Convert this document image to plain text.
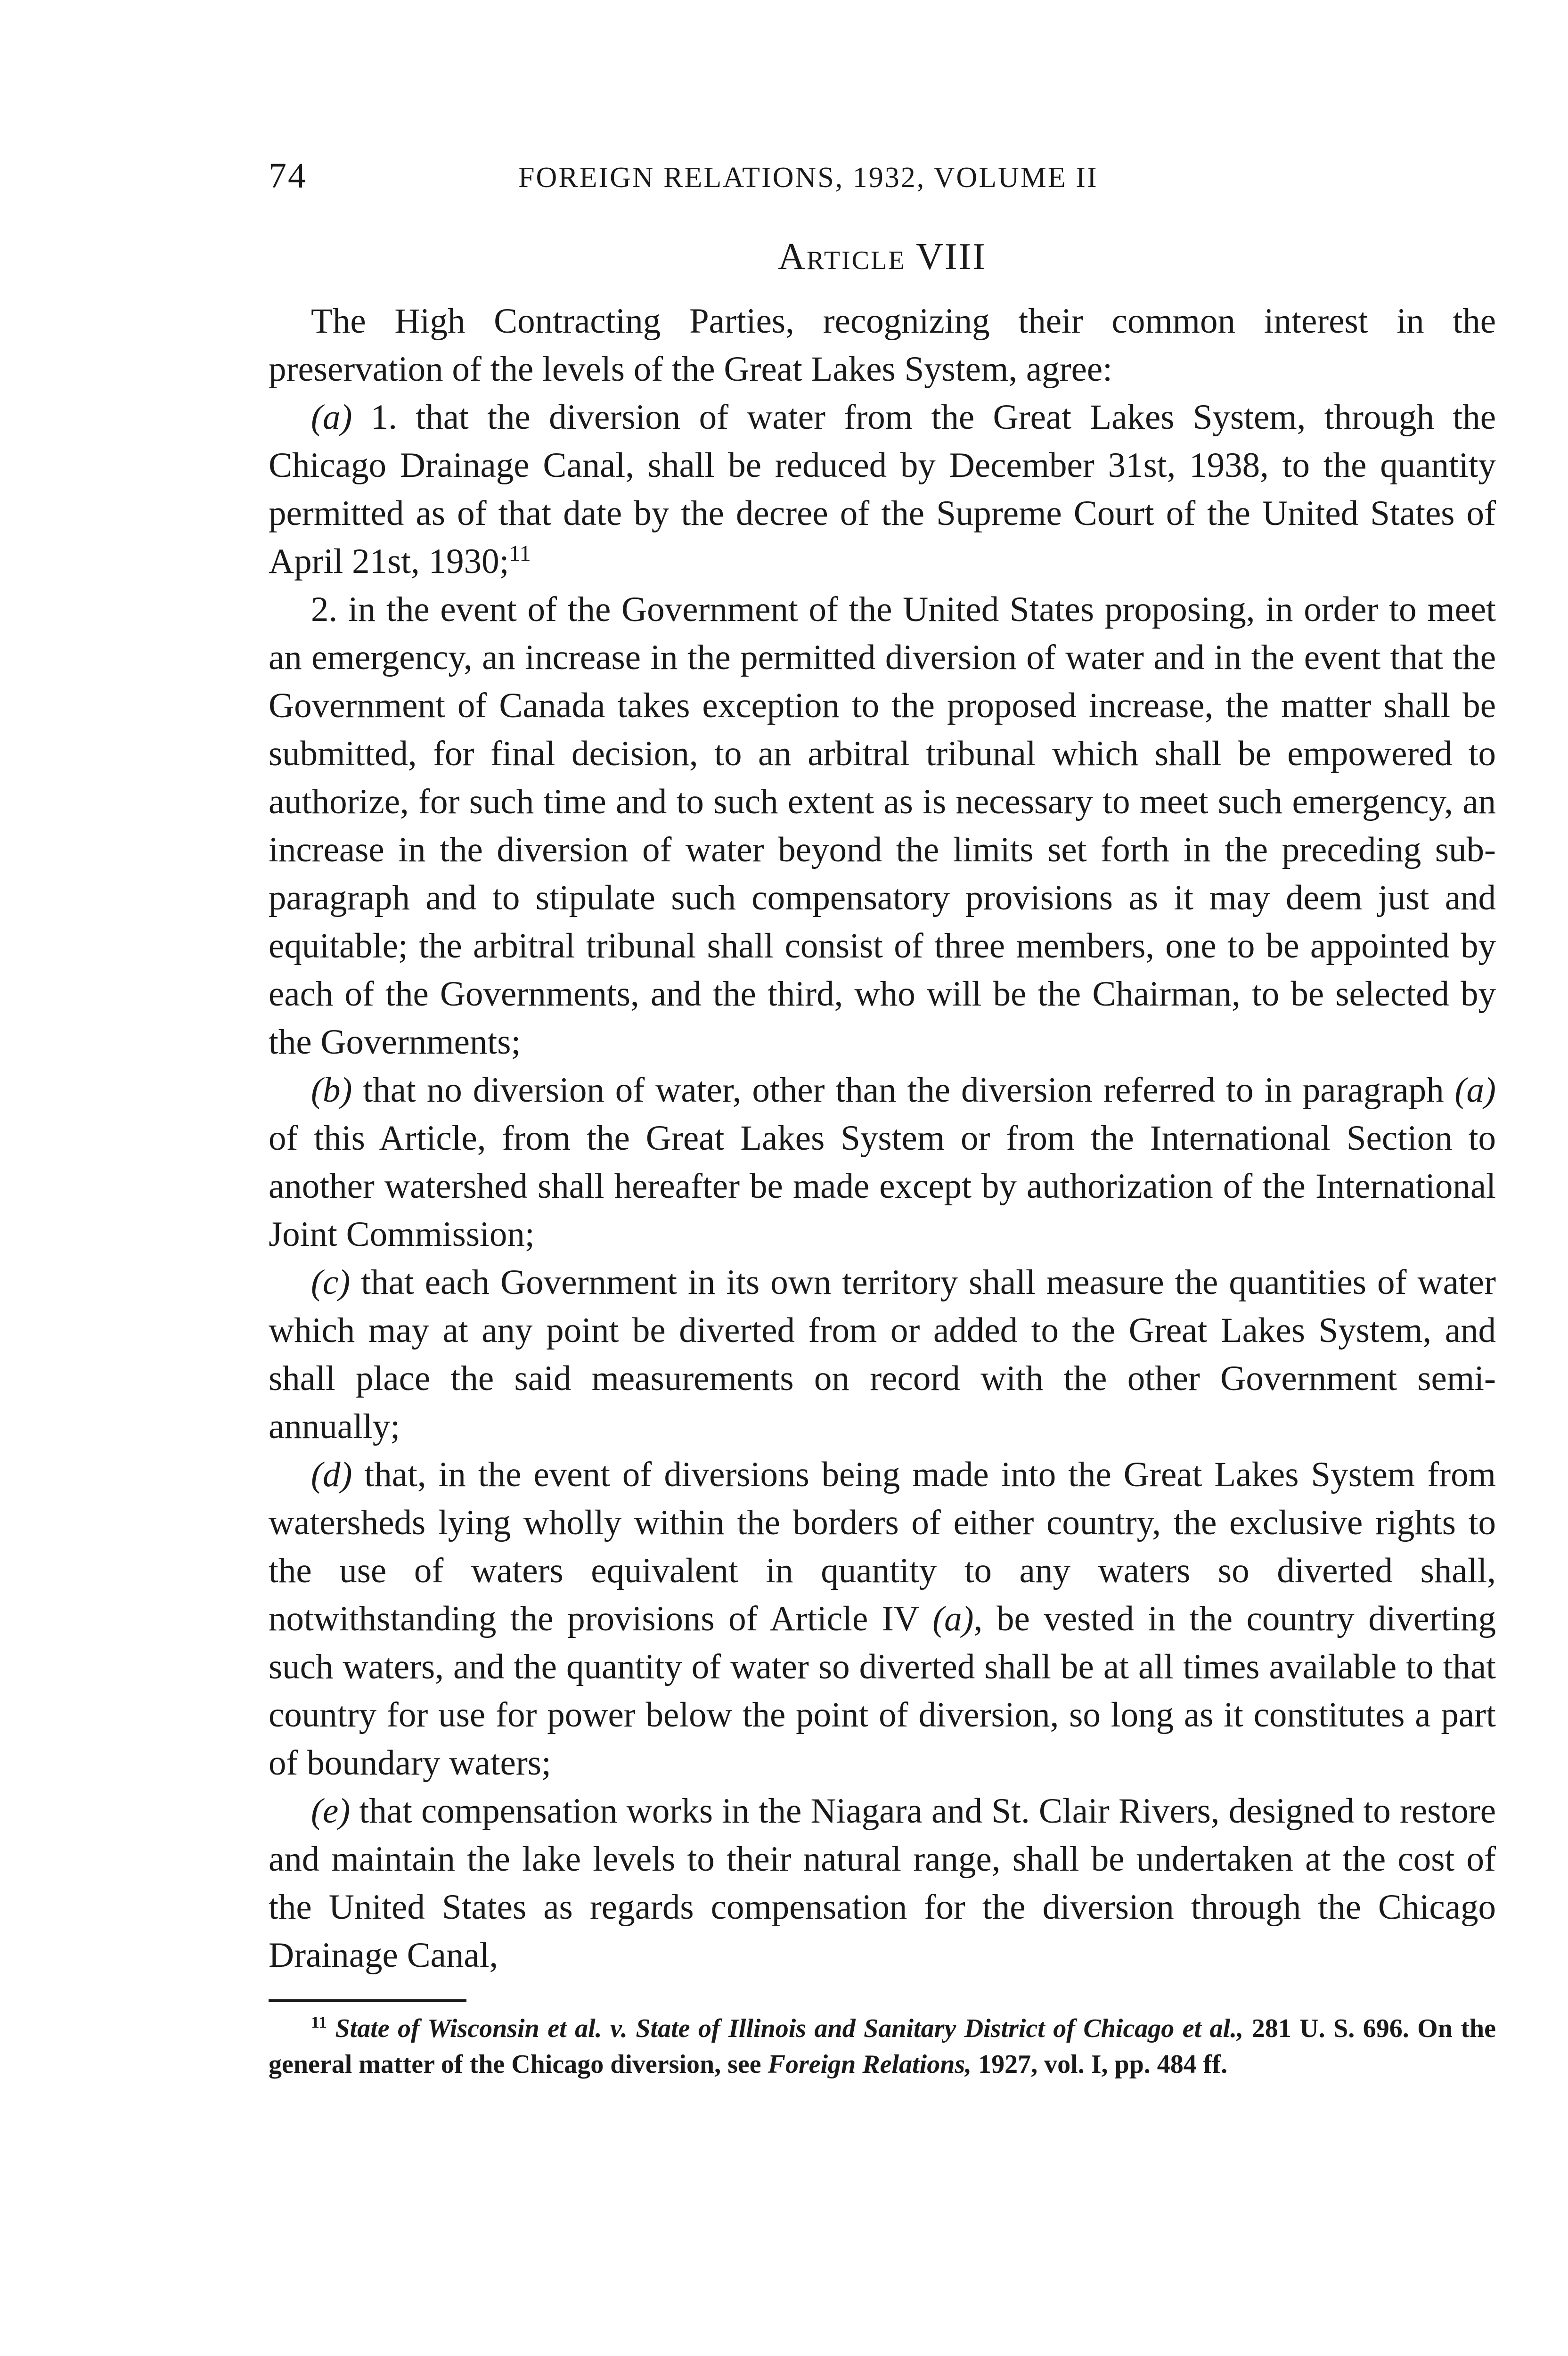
74	FOREIGN RELATIONS, 1932, VOLUME II
Article VIII

The High Contracting Parties, recognizing their common interest in the preservation of the levels of the Great Lakes System, agree:

(a) 1. that the diversion of water from the Great Lakes System, through the Chicago Drainage Canal, shall be reduced by December 31st, 1938, to the quantity permitted as of that date by the decree of the Supreme Court of the United States of April 21st, 1930;$^{11}$

2. in the event of the Government of the United States proposing, in order to meet an emergency, an increase in the permitted diversion of water and in the event that the Government of Canada takes exception to the proposed increase, the matter shall be submitted, for final decision, to an arbitral tribunal which shall be empowered to authorize, for such time and to such extent as is necessary to meet such emergency, an increase in the diversion of water beyond the limits set forth in the preceding sub-paragraph and to stipulate such compensatory provisions as it may deem just and equitable; the arbitral tribunal shall consist of three members, one to be appointed by each of the Governments, and the third, who will be the Chairman, to be selected by the Governments;

(b) that no diversion of water, other than the diversion referred to in paragraph (a) of this Article, from the Great Lakes System or from the International Section to another watershed shall hereafter be made except by authorization of the International Joint Commission;

(c) that each Government in its own territory shall measure the quantities of water which may at any point be diverted from or added to the Great Lakes System, and shall place the said measurements on record with the other Government semi-annually;

(d) that, in the event of diversions being made into the Great Lakes System from watersheds lying wholly within the borders of either country, the exclusive rights to the use of waters equivalent in quantity to any waters so diverted shall, notwithstanding the provisions of Article IV (a), be vested in the country diverting such waters, and the quantity of water so diverted shall be at all times available to that country for use for power below the point of diversion, so long as it constitutes a part of boundary waters;

(e) that compensation works in the Niagara and St. Clair Rivers, designed to restore and maintain the lake levels to their natural range, shall be undertaken at the cost of the United States as regards compensation for the diversion through the Chicago Drainage Canal,

$^{11}$ State of Wisconsin et al. v. State of Illinois and Sanitary District of Chicago et al., 281 U. S. 696. On the general matter of the Chicago diversion, see Foreign Relations, 1927, vol. I, pp. 484 ff.
